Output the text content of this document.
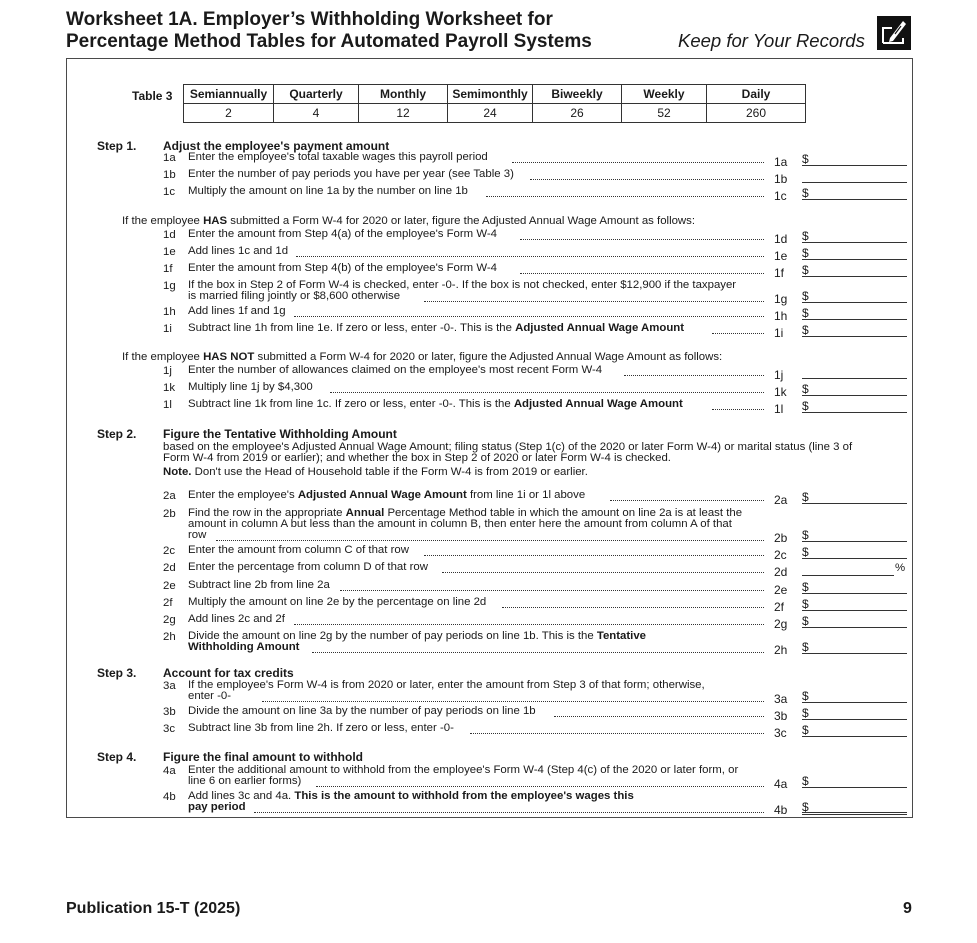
Worksheet 1A. Employer’s Withholding Worksheet for Percentage Method Tables for Automated Payroll Systems	Keep for Your Records
Table 3 Semiannually	Quarterly	Monthly	Semimonthly	Biweekly	Weekly	Daily
2	4	12	24	26	52	260
Step 1. Adjust the employee's payment amount
1a Enter the employee's total taxable wages this payroll period	1a $
1b Enter the number of pay periods you have per year (see Table 3)	1b
1c Multiply the amount on line 1a by the number on line 1b	1c $
If the employee HAS submitted a Form W-4 for 2020 or later, figure the Adjusted Annual Wage Amount as follows:
1d Enter the amount from Step 4(a) of the employee's Form W-4	1d $
1e Add lines 1c and 1d	1e $
1f Enter the amount from Step 4(b) of the employee's Form W-4	1f $
1g If the box in Step 2 of Form W-4 is checked, enter -0-. If the box is not checked, enter $12,900 if the taxpayer
is married filing jointly or $8,600 otherwise	1g $
1h Add lines 1f and 1g	1h $
1i Subtract line 1h from line 1e. If zero or less, enter -0-. This is the Adjusted Annual Wage Amount	1i $
If the employee HAS NOT submitted a Form W-4 for 2020 or later, figure the Adjusted Annual Wage Amount as follows:
1j Enter the number of allowances claimed on the employee's most recent Form W-4	1j
1k Multiply line 1j by $4,300	1k $
1l Subtract line 1k from line 1c. If zero or less, enter -0-. This is the Adjusted Annual Wage Amount	1l $
Step 2. Figure the Tentative Withholding Amount
based on the employee's Adjusted Annual Wage Amount; filing status (Step 1(c) of the 2020 or later Form W-4) or marital status (line 3 of
Form W-4 from 2019 or earlier); and whether the box in Step 2 of 2020 or later Form W-4 is checked.
Note. Don't use the Head of Household table if the Form W-4 is from 2019 or earlier.
2a Enter the employee's Adjusted Annual Wage Amount from line 1i or 1l above	2a $
2b Find the row in the appropriate Annual Percentage Method table in which the amount on line 2a is at least the
amount in column A but less than the amount in column B, then enter here the amount from column A of that
row	2b $
2c Enter the amount from column C of that row	2c $
2d Enter the percentage from column D of that row	2d	%
2e Subtract line 2b from line 2a	2e $
2f Multiply the amount on line 2e by the percentage on line 2d	2f $
2g Add lines 2c and 2f	2g $
2h Divide the amount on line 2g by the number of pay periods on line 1b. This is the Tentative
Withholding Amount	2h $
Step 3. Account for tax credits
3a If the employee's Form W-4 is from 2020 or later, enter the amount from Step 3 of that form; otherwise,
enter -0-	3a $
3b Divide the amount on line 3a by the number of pay periods on line 1b	3b $
3c Subtract line 3b from line 2h. If zero or less, enter -0-	3c $
Step 4. Figure the final amount to withhold
4a Enter the additional amount to withhold from the employee's Form W-4 (Step 4(c) of the 2020 or later form, or
line 6 on earlier forms)	4a $
4b Add lines 3c and 4a. This is the amount to withhold from the employee's wages this
pay period	4b $
Publication 15-T (2025)	9
